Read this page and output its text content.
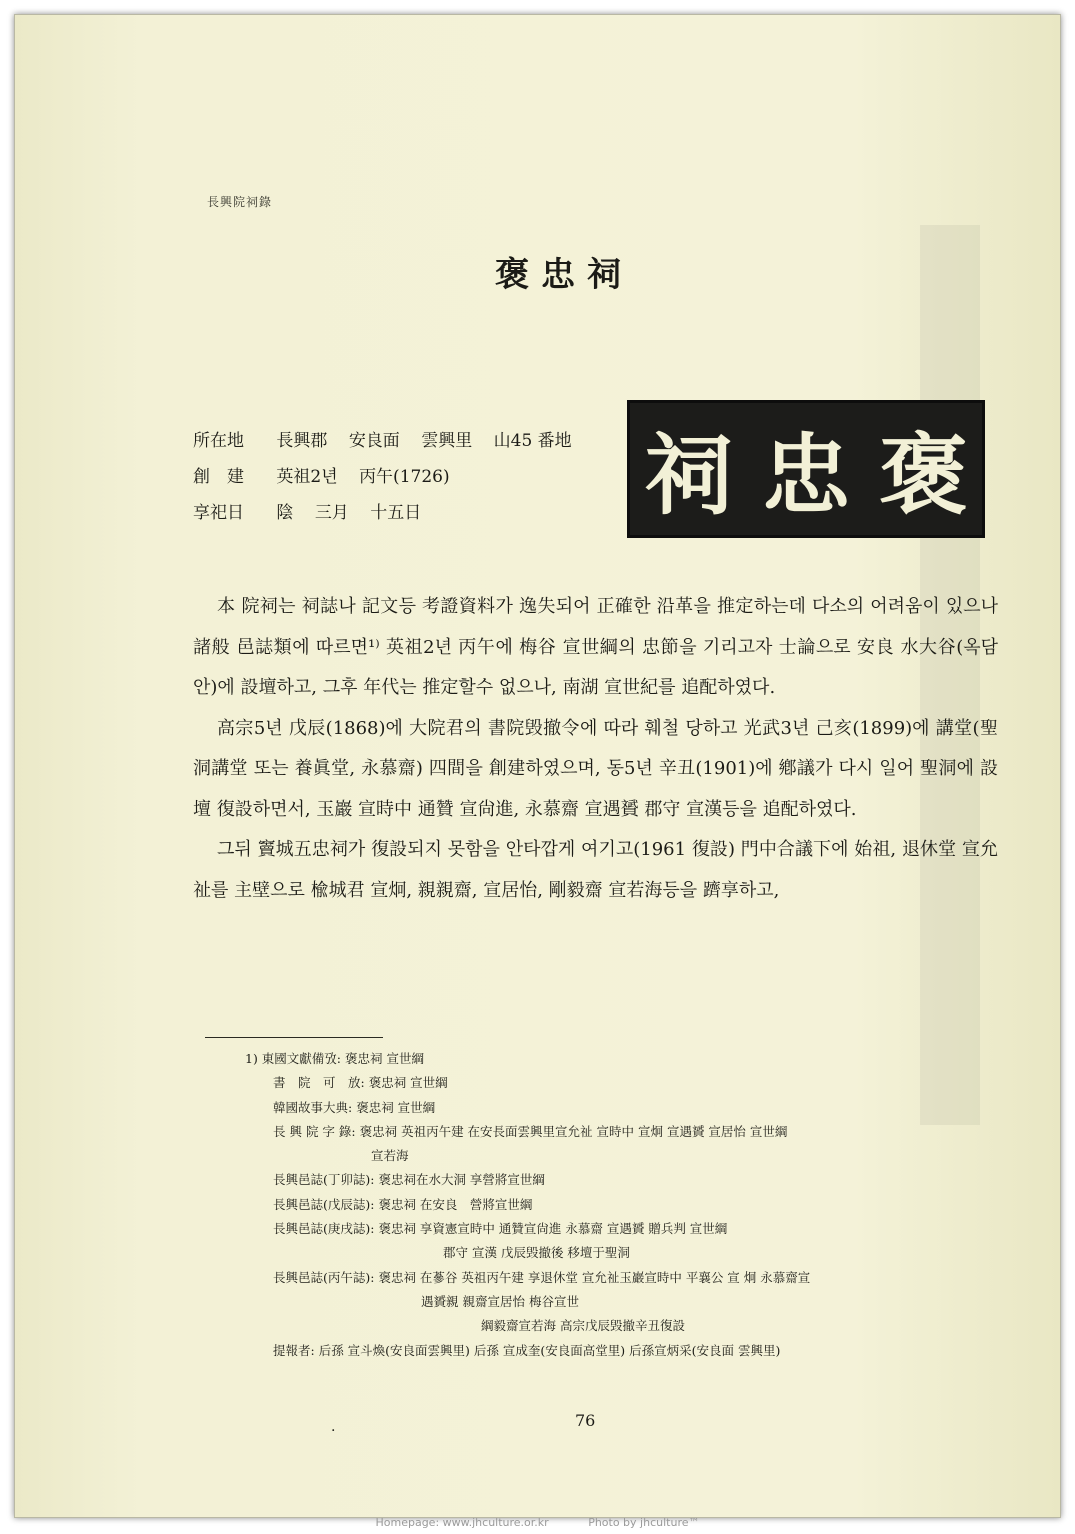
長興院祠錄
褒忠祠
所在地 長興郡 安良面 雲興里 山45 番地
創　建 英祖2년 丙午(1726)
享祀日 陰 三月 十五日	祠 忠 褒

本 院祠는 祠誌나 記文등 考證資料가 逸失되어 正確한 沿革을 推定하는데 다소의 어려움이 있으나 諸般 邑誌類에 따르면¹⁾ 英祖2년 丙午에 梅谷 宣世綱의 忠節을 기리고자 士論으로 安良 水大谷(옥담안)에 設壇하고, 그후 年代는 推定할수 없으나, 南湖 宣世紀를 追配하였다.

高宗5년 戊辰(1868)에 大院君의 書院毁撤令에 따라 훼철 당하고 光武3년 己亥(1899)에 講堂(聖洞講堂 또는 養眞堂, 永慕齋) 四間을 創建하였으며, 동5년 辛丑(1901)에 鄕議가 다시 일어 聖洞에 設壇 復設하면서, 玉巖 宣時中 通贊 宣尙進, 永慕齋 宣遇贇 郡守 宣漢등을 追配하였다.

그뒤 竇城五忠祠가 復設되지 못함을 안타깝게 여기고(1961 復設) 門中合議下에 始祖, 退休堂 宣允祉를 主壁으로 楡城君 宣炯, 親親齋, 宣居怡, 剛毅齋 宣若海등을 躋享하고,

1) 東國文獻備攷: 褒忠祠 宣世綱
書　院　可　放: 褒忠祠 宣世綱
韓國故事大典: 褒忠祠 宣世綱
長 興 院 字 錄: 褒忠祠 英祖丙午建 在安長面雲興里宣允祉 宣時中 宣炯 宣遇贇 宣居怡 宣世綱
宣若海
長興邑誌(丁卯誌): 褒忠祠在水大洞 享營將宣世綱
長興邑誌(戊辰誌): 褒忠祠 在安良　營將宣世綱
長興邑誌(庚戌誌): 褒忠祠 享資憲宣時中 通贊宣尙進 永慕齋 宣遇贇 贈兵判 宣世綱
郡守 宣漢 戊辰毁撤後 移壇于聖洞
長興邑誌(丙午誌): 褒忠祠 在蔘谷 英祖丙午建 享退休堂 宣允祉玉巖宣時中 平襄公 宣 炯 永慕齋宣
遇贇親 親齋宣居怡 梅谷宣世
綱毅齋宣若海 高宗戊辰毁撤辛丑復設
提報者: 后孫 宣斗煥(安良面雲興里) 后孫 宣成奎(安良面高堂里) 后孫宣炳采(安良面 雲興里)
.	76
Homepage: www.jhculture.or.kr	Photo by jhculture™
